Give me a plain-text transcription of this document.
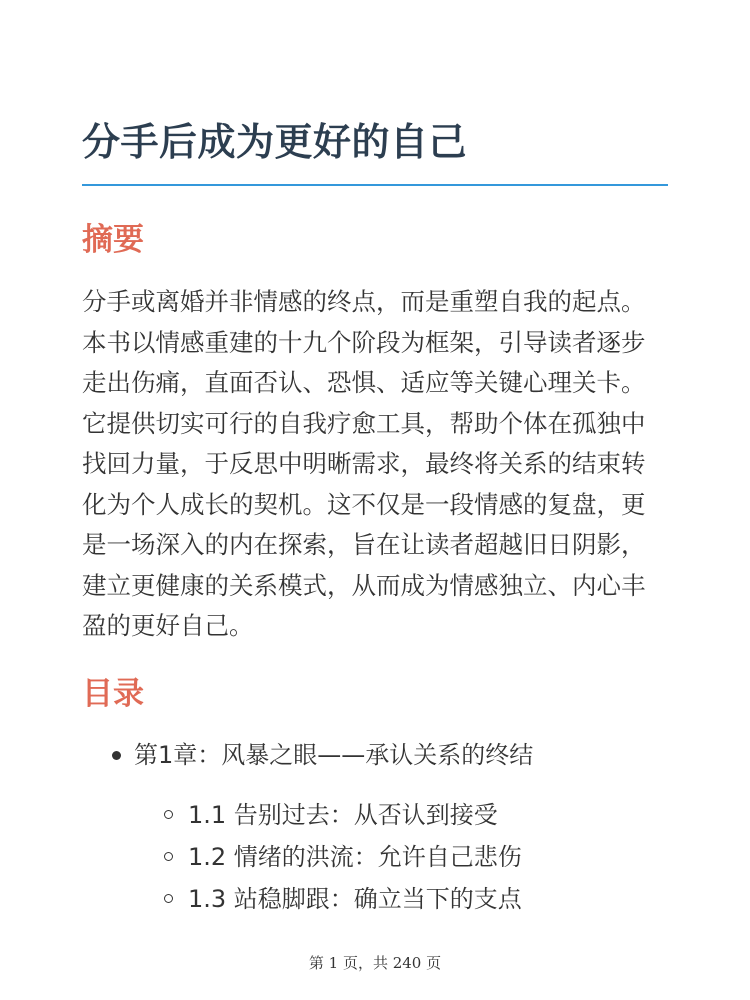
分手后成为更好的自己
摘要

分手或离婚并非情感的终点，而是重塑自我的起点。本书以情感重建的十九个阶段为框架，引导读者逐步走出伤痛，直面否认、恐惧、适应等关键心理关卡。它提供切实可行的自我疗愈工具，帮助个体在孤独中找回力量，于反思中明晰需求，最终将关系的结束转化为个人成长的契机。这不仅是一段情感的复盘，更是一场深入的内在探索，旨在让读者超越旧日阴影，建立更健康的关系模式，从而成为情感独立、内心丰盈的更好自己。

目录
第1章：风暴之眼——承认关系的终结
1.1 告别过去：从否认到接受
1.2 情绪的洪流：允许自己悲伤
1.3 站稳脚跟：确立当下的支点
第 1 页，共 240 页
